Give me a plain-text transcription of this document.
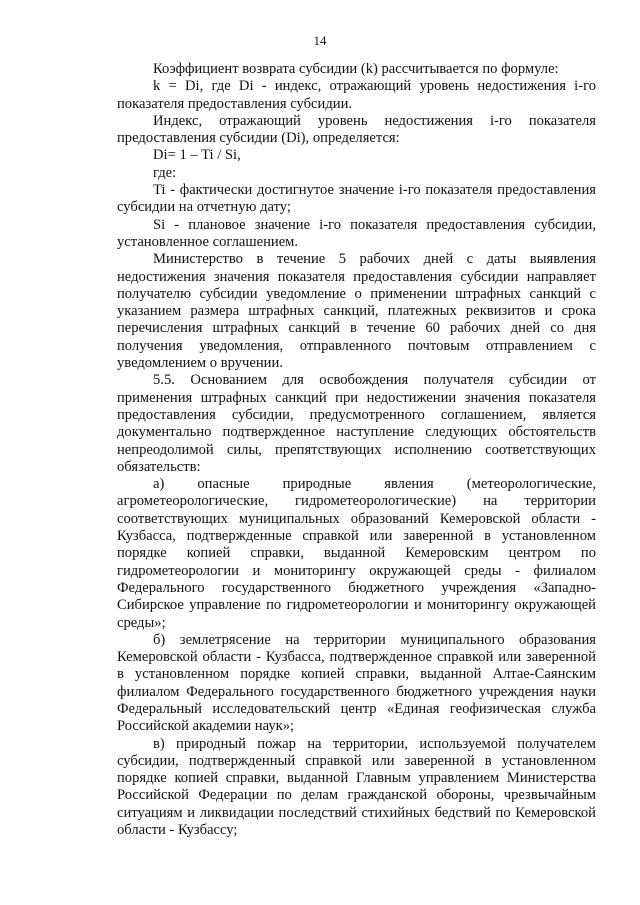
14

Коэффициент возврата субсидии (k) рассчитывается по формуле:

k = Di, где Di - индекс, отражающий уровень недостижения i-го показателя предоставления субсидии.

Индекс, отражающий уровень недостижения i-го показателя предоставления субсидии (Di), определяется:

Di= 1 – Ti / Si,

где:

Ti - фактически достигнутое значение i-го показателя предоставления субсидии на отчетную дату;

Si - плановое значение i-го показателя предоставления субсидии, установленное соглашением.

Министерство в течение 5 рабочих дней с даты выявления недостижения значения показателя предоставления субсидии направляет получателю субсидии уведомление о применении штрафных санкций с указанием размера штрафных санкций, платежных реквизитов и срока перечисления штрафных санкций в течение 60 рабочих дней со дня получения уведомления, отправленного почтовым отправлением с уведомлением о вручении.

5.5. Основанием для освобождения получателя субсидии от применения штрафных санкций при недостижении значения показателя предоставления субсидии, предусмотренного соглашением, является документально подтвержденное наступление следующих обстоятельств непреодолимой силы, препятствующих исполнению соответствующих обязательств:

а) опасные природные явления (метеорологические, агрометеорологические, гидрометеорологические) на территории соответствующих муниципальных образований Кемеровской области - Кузбасса, подтвержденные справкой или заверенной в установленном порядке копией справки, выданной Кемеровским центром по гидрометеорологии и мониторингу окружающей среды - филиалом Федерального государственного бюджетного учреждения «Западно-Сибирское управление по гидрометеорологии и мониторингу окружающей среды»;

б) землетрясение на территории муниципального образования Кемеровской области - Кузбасса, подтвержденное справкой или заверенной в установленном порядке копией справки, выданной Алтае-Саянским филиалом Федерального государственного бюджетного учреждения науки Федеральный исследовательский центр «Единая геофизическая служба Российской академии наук»;

в) природный пожар на территории, используемой получателем субсидии, подтвержденный справкой или заверенной в установленном порядке копией справки, выданной Главным управлением Министерства Российской Федерации по делам гражданской обороны, чрезвычайным ситуациям и ликвидации последствий стихийных бедствий по Кемеровской области - Кузбассу;
